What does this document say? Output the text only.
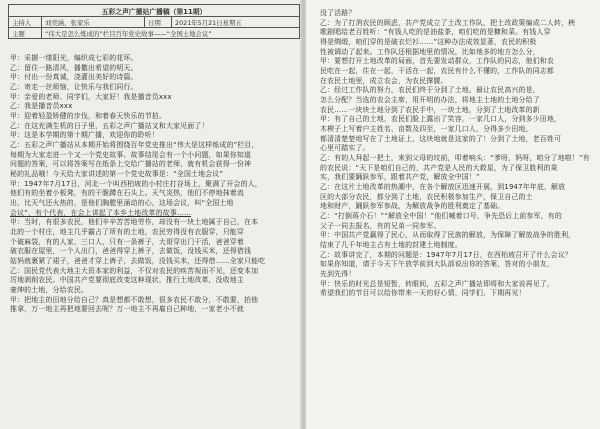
五彩之声广播站广播稿（第11期）			
主持人	刘奕涵、张家乐	日期	2021年5月21日星期五
主题	“伟大是怎么炼成的”栏目百年党史故事——“全国土地会议”		
甲：采撷一缕阳光，编织成七彩的花环。
乙：留住一路清风，播撒出希望的明天。
甲：付出一份真诚，浇灌出美好的诗篇。
乙：寄走一丝烦恼，让快乐与我们同行。
甲：亲爱的老师、同学们，大家好！我是播音员xxx
乙：我是播音员xxx
甲：迎着轻盈矫健的步伐，和着春天快乐的节拍。
乙：在这充满生机的日子里，五彩之声广播站又和大家见面了！
甲：这是本学期的第十期广播，欢迎你的聆听！
乙：五彩之声广播站从本期开始将围绕百年党史推出“伟大是这样炼成的”栏目，
每期为大家走进一个又一个党史故事。故事结尾会有一个小问题，如果你知道
问题的答案，可以将答案写在纸条上交给广播站的老师，就有机会获得一份神
秘的礼品哦！今天给大家讲述的第一个党史故事是：“全国土地会议”
甲：1947年7月17日，河北一个叫西柏坡的小村庄打谷场上，聚满了开会的人，
他们有的坐着小板凳，有的干脆蹲在石头上。天气炎热，他们不停地抹着流
出，比天气还火热的，是他们胸膛里涌动的心，这场会议，叫“全国土地
会议”，有个代表，在会上讲起了本乡土地改革的故事……
甲：当时，有很多农民，他们辛辛苦苦地劳作，却没有一块土地属于自己，在本
北的一个村庄，地主几乎霸占了所有的土地，农民穷得没有衣服穿，只能穿
个破麻袋，有的人家，三口人，只有一条裤子，大哥穿出门干活，爸爸穿着
破衣服在屋里，一个人出门，爸爸得穿上裤子，去做饭，没钱买米，还得借钱
姑妈就裹紧了裙子，爸爸才穿上裤子，去做饭，没钱买米，还得借……全家只能吃
乙：国民党代表大地主大资本家的利益，不仅对农民的疾苦视而不见，还变本加
厉地剥削农民。中国共产党要彻底改变这种现状，推行土地改革，没收地主
豪绅的土地，分给农民。
甲：把地主的田地分给自己？真是想都不敢想，很多农民不敢分，不敢要，拍他
推拿，万一地主再把地要回去呢？万一地主不再雇自己种地，一家老小不就
没了活路？
乙：为了打消农民的顾虑，共产党成立了土改工作队，把土改政策编成二人转，秧
歌剧唱给老百姓听：“有钱人吃的是油盐茶，咱们吃的是糠和菜。有钱人穿
得是绸缎，咱们穿的是破衣烂衫……”这种办法成效显著，农民的积极
性被调动了起来。工作队还根据地里的情况，比如地多的地方怎么分，
甲：要想打开土地改革的局面，首先要发动群众，工作队的同志，他们和农
民吃在一起，住在一起，干活在一起，农民有什么不懂的，工作队的同志都
在农民土地里，成立农会，为农民撑腰。
乙：经过工作队的努力，农民们终于分到了土地。最让农民高兴的是，
怎么分配？当选的农会主席，用开明的办法，将地主土地的土地分给了
农民……一块块土地分到了农民手中，一块土地，分到了土地改革的新
甲：有了自己的土地，农民们脸上露出了笑容，一家几口人，分到多少田地，
木楔子上写着户主姓名、亩数及四至，一家几口人，分得多少田地，
都清清楚楚地写在了土地证上，这块地就是这家的了！分到了土地，老百姓可
心里可踏实了。
乙：有的人拜起一把土，来到父母的坟前，叩着响头：“爹呀，妈呀，咱分了地啦！”有
的农民说：“天下是咱们自己的，共产党是人民的大救星，为了保卫胜利的果
实，我们要踊跃参军，跟着共产党，解放全中国！”
乙：在这片土地改革的热潮中，在各个解放区迅速开展，到1947年年底，解放
区的大部分农民，都分到了土地，农民积极参加生产，保卫自己的土
地和财产，踊跃参军参战，为解放战争的胜利奠定了基础。
乙：“打倒蒋介石！”“解放全中国！”他们喊着口号，争先恐后上前参军，有的
父子一同去报名，有的兄弟一同参军。
甲：中国共产党赢得了民心，从而取得了民族的解放，为保障了解放战争的胜利，
结束了几千年地主占有土地的封建土地制度。
乙：故事讲完了，本期的问题是：1947年7月17日，在西柏坡召开了什么会议？
如果你知道，请于今天下午放学前到大队部说出你的答案，答对的小朋友，
先到先得！
甲：快乐的时光总是短暂，转眼间，五彩之声广播站即将和大家说再见了，
希望我们的节目可以给你带来一天的好心情，同学们，下期再见！
